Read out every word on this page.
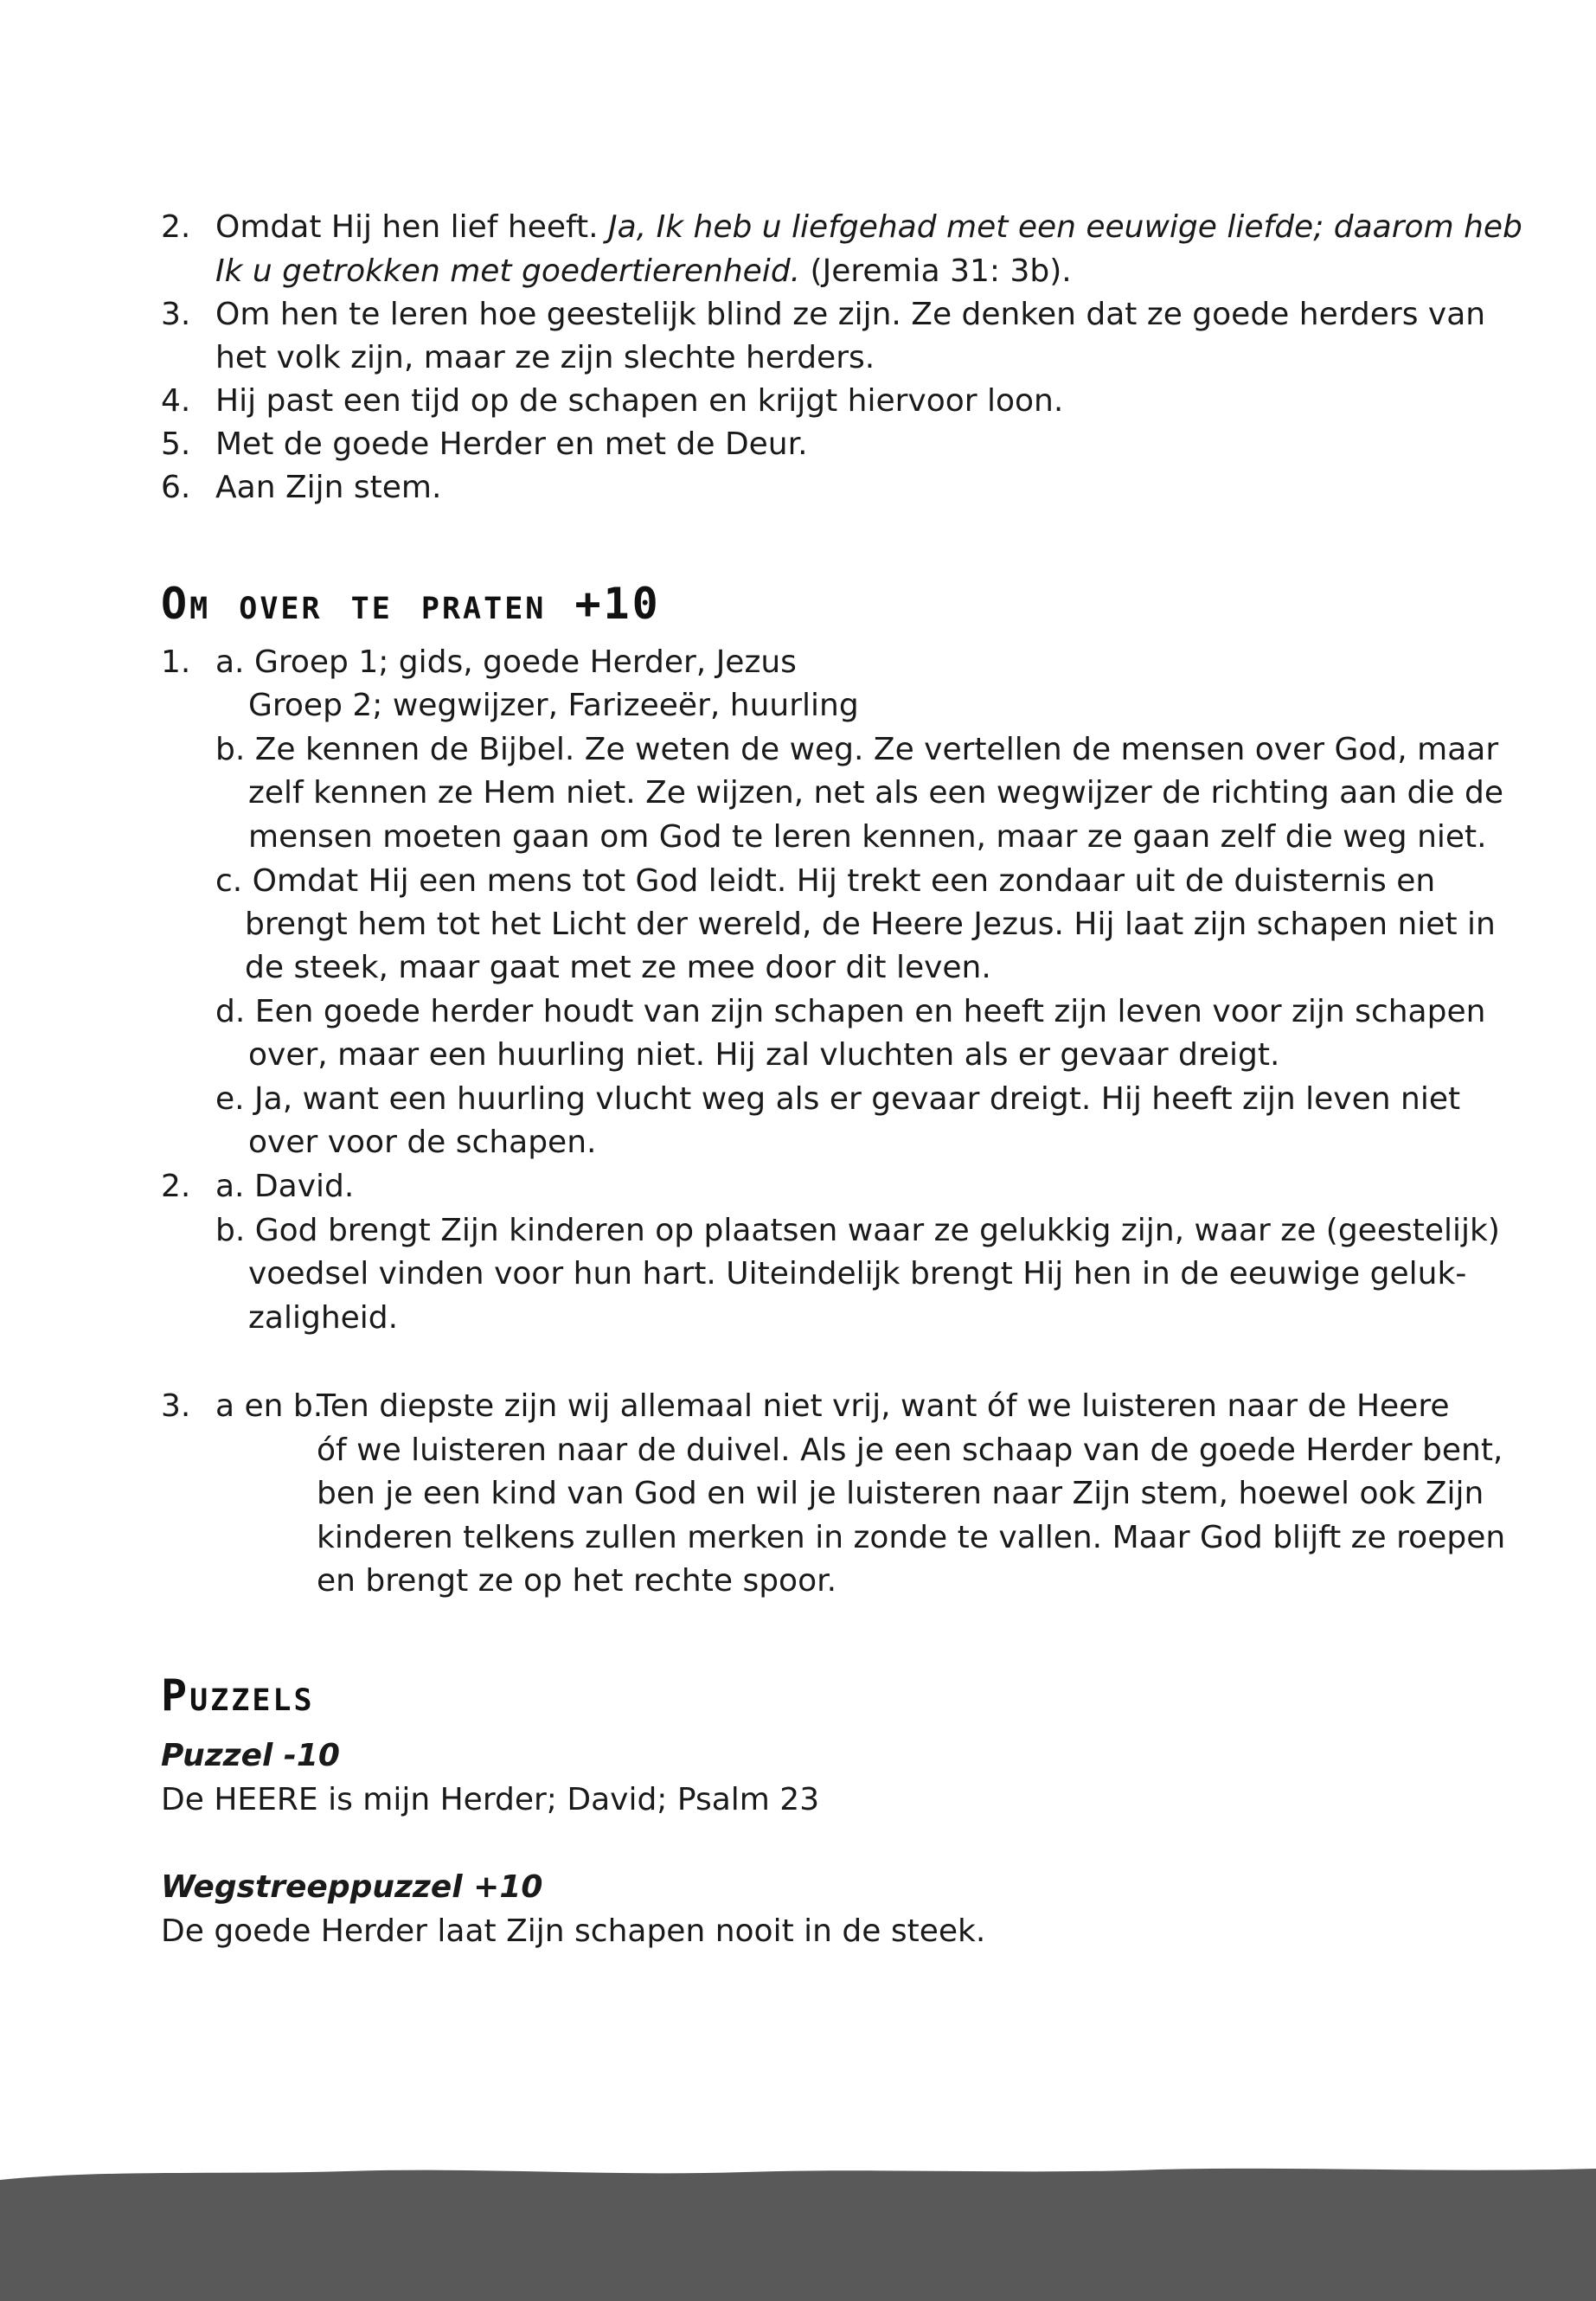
2. Omdat Hij hen lief heeft. Ja, Ik heb u liefgehad met een eeuwige liefde; daarom heb
Ik u getrokken met goedertierenheid. (Jeremia 31: 3b).
3. Om hen te leren hoe geestelijk blind ze zijn. Ze denken dat ze goede herders van
het volk zijn, maar ze zijn slechte herders.
4. Hij past een tijd op de schapen en krijgt hiervoor loon.
5. Met de goede Herder en met de Deur.
6. Aan Zijn stem.
Om over te praten +10
1. a. Groep 1; gids, goede Herder, Jezus
Groep 2; wegwijzer, Farizeeër, huurling
b. Ze kennen de Bijbel. Ze weten de weg. Ze vertellen de mensen over God, maar
zelf kennen ze Hem niet. Ze wijzen, net als een wegwijzer de richting aan die de
mensen moeten gaan om God te leren kennen, maar ze gaan zelf die weg niet.
c. Omdat Hij een mens tot God leidt. Hij trekt een zondaar uit de duisternis en
brengt hem tot het Licht der wereld, de Heere Jezus. Hij laat zijn schapen niet in
de steek, maar gaat met ze mee door dit leven.
d. Een goede herder houdt van zijn schapen en heeft zijn leven voor zijn schapen
over, maar een huurling niet. Hij zal vluchten als er gevaar dreigt.
e. Ja, want een huurling vlucht weg als er gevaar dreigt. Hij heeft zijn leven niet
over voor de schapen.
2. a. David.
b. God brengt Zijn kinderen op plaatsen waar ze gelukkig zijn, waar ze (geestelijk)
voedsel vinden voor hun hart. Uiteindelijk brengt Hij hen in de eeuwige geluk-
zaligheid.
3. a en b.
Ten diepste zijn wij allemaal niet vrij, want óf we luisteren naar de Heere
óf we luisteren naar de duivel. Als je een schaap van de goede Herder bent,
ben je een kind van God en wil je luisteren naar Zijn stem, hoewel ook Zijn
kinderen telkens zullen merken in zonde te vallen. Maar God blijft ze roepen
en brengt ze op het rechte spoor.
Puzzels
Puzzel -10
De HEERE is mijn Herder; David; Psalm 23
Wegstreeppuzzel +10
De goede Herder laat Zijn schapen nooit in de steek.
